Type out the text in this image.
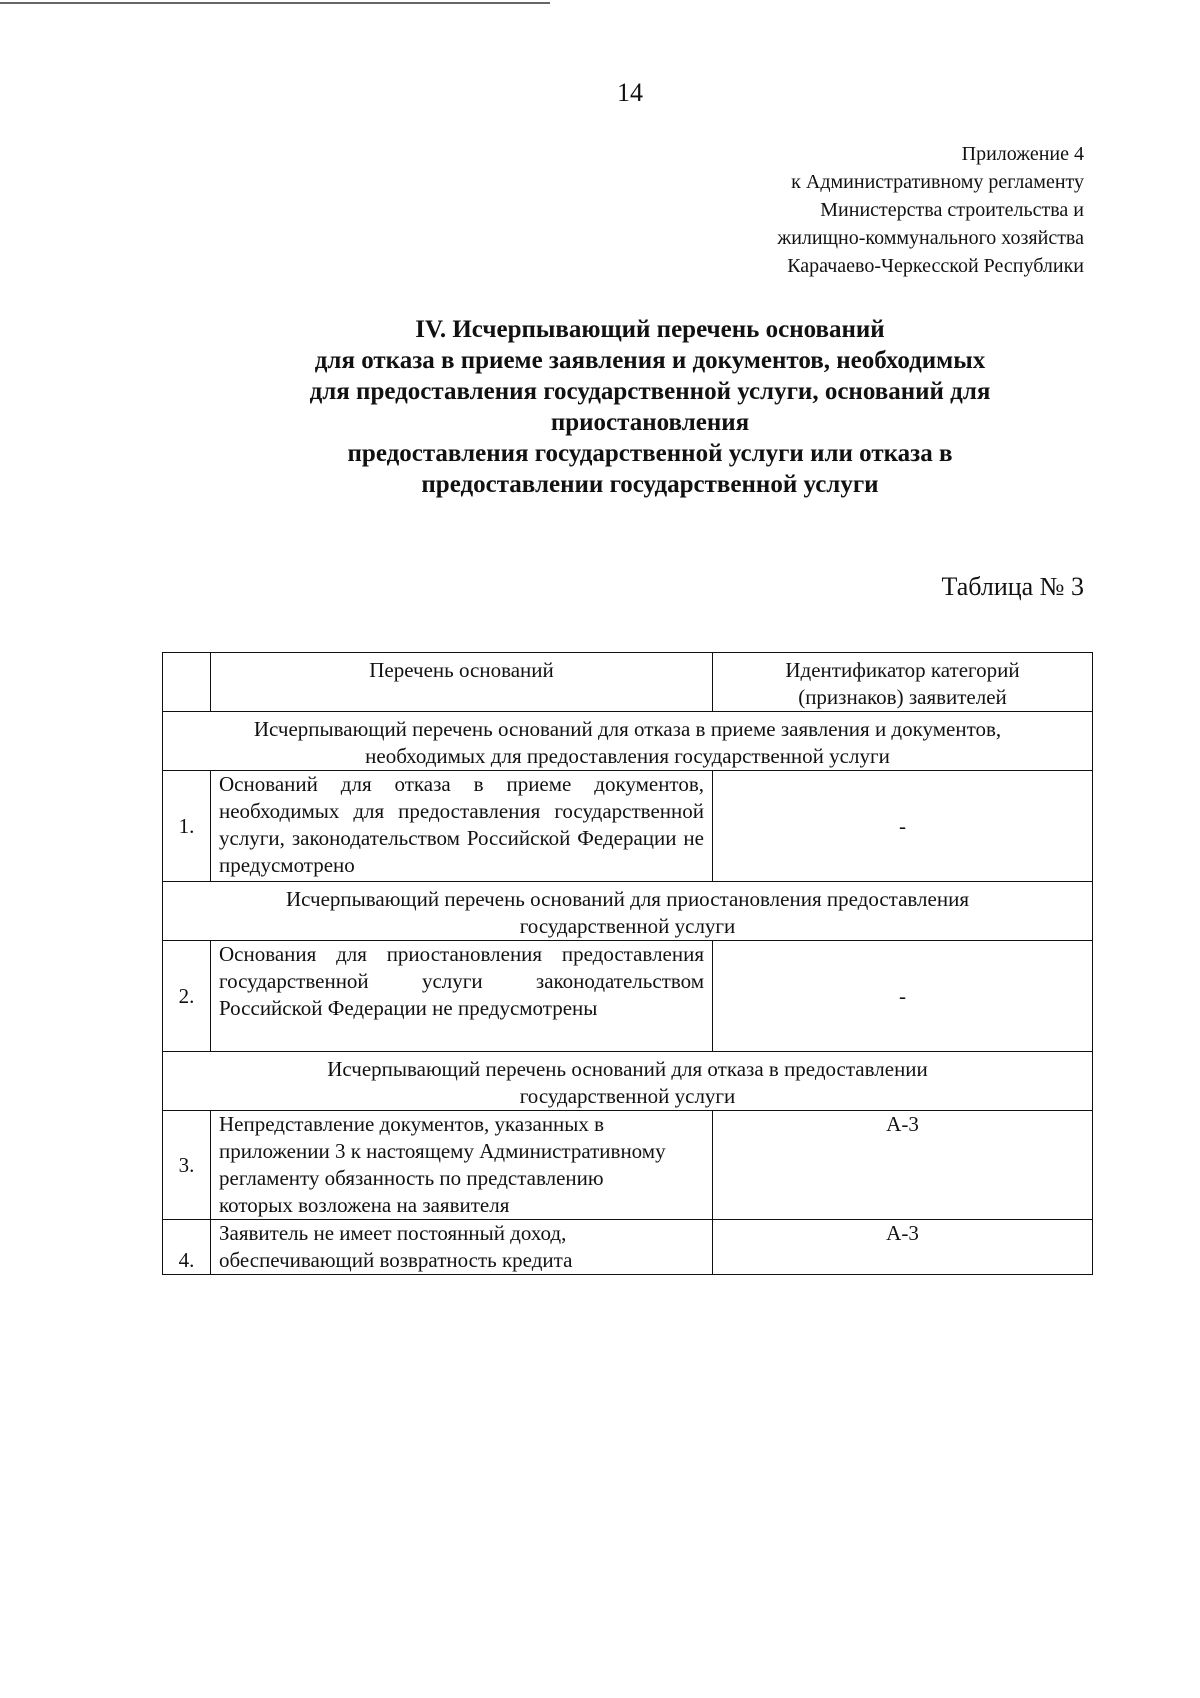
14
Приложение 4
к Административному регламенту
Министерства строительства и
жилищно-коммунального хозяйства
Карачаево-Черкесской Республики
IV. Исчерпывающий перечень оснований
для отказа в приеме заявления и документов, необходимых
для предоставления государственной услуги, оснований для
приостановления
предоставления государственной услуги или отказа в
предоставлении государственной услуги
Таблица № 3
	Перечень оснований	Идентификатор категорий (признаков) заявителей
Исчерпывающий перечень оснований для отказа в приеме заявления и документов, необходимых для предоставления государственной услуги		
1.	Оснований для отказа в приеме документов, необходимых для предоставления государственной услуги, законодательством Российской Федерации не предусмотрено	-
Исчерпывающий перечень оснований для приостановления предоставления государственной услуги		
2.	Основания для приостановления предоставления государственной услуги законодательством Российской Федерации не предусмотрены	-
Исчерпывающий перечень оснований для отказа в предоставлении государственной услуги		
3.	Непредставление документов, указанных в приложении 3 к настоящему Административному регламенту обязанность по представлению которых возложена на заявителя	А-3
4.	Заявитель не имеет постоянный доход, обеспечивающий возвратность кредита	А-3
